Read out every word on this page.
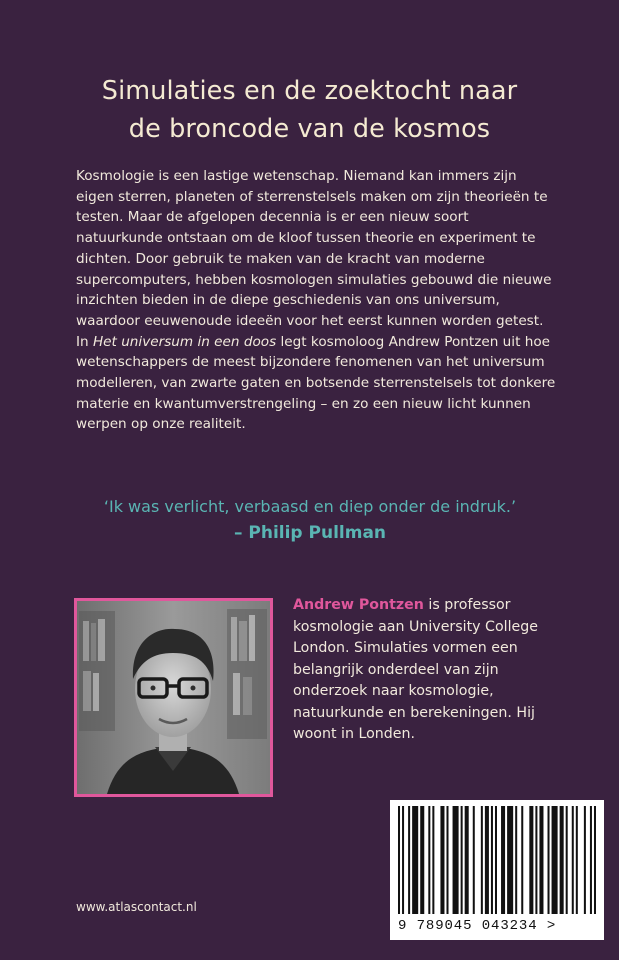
Simulaties en de zoektocht naar
de broncode van de kosmos

Kosmologie is een lastige wetenschap. Niemand kan immers zijn eigen sterren, planeten of sterrenstelsels maken om zijn theorieën te testen. Maar de afgelopen decennia is er een nieuw soort natuurkunde ontstaan om de kloof tussen theorie en experiment te dichten. Door gebruik te maken van de kracht van moderne supercomputers, hebben kosmologen simulaties gebouwd die nieuwe inzichten bieden in de diepe geschiedenis van ons universum, waardoor eeuwenoude ideeën voor het eerst kunnen worden getest.

In Het universum in een doos legt kosmoloog Andrew Pontzen uit hoe wetenschappers de meest bijzondere fenomenen van het universum modelleren, van zwarte gaten en botsende sterrenstelsels tot donkere materie en kwantumverstrengeling – en zo een nieuw licht kunnen werpen op onze realiteit.

‘Ik was verlicht, verbaasd en diep onder de indruk.’
– Philip Pullman
Andrew Pontzen is professor kosmologie aan University College London. Simulaties vormen een belangrijk onderdeel van zijn onderzoek naar kosmologie, natuurkunde en berekeningen. Hij woont in Londen.
9 789045 043234 >
www.atlascontact.nl
